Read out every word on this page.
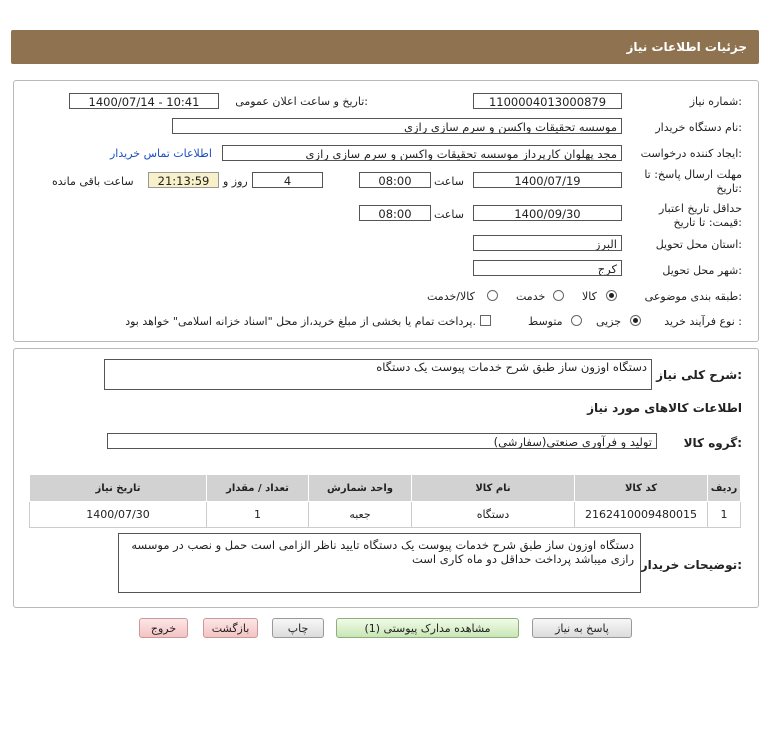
جزئیات اطلاعات نیاز
شماره نیاز:
1100004013000879
تاریخ و ساعت اعلان عمومی:
1400/07/14 - 10:41
نام دستگاه خریدار:
موسسه تحقیقات واکسن و سرم سازی رازی
ایجاد کننده درخواست:
مجد پهلوان کارپرداز موسسه تحقیقات واکسن و سرم سازی رازی
اطلاعات تماس خریدار
مهلت ارسال پاسخ: تا
تاریخ:
1400/07/19
ساعت
08:00
4
روز و
21:13:59
ساعت باقی مانده
حداقل تاریخ اعتبار
قیمت: تا تاریخ:
1400/09/30
ساعت
08:00
استان محل تحویل:
البرز
شهر محل تحویل:
کرج
طبقه بندی موضوعی:
کالا
خدمت
کالا/خدمت
نوع فرآیند خرید :
جزیی
متوسط
پرداخت تمام یا بخشی از مبلغ خرید،از محل "اسناد خزانه اسلامی" خواهد بود.
شرح کلی نیاز:
دستگاه اوزون ساز طبق شرح خدمات پیوست یک دستگاه
اطلاعات کالاهای مورد نیاز
گروه کالا:
تولید و فرآوری صنعتی(سفارشی)
ردیف	کد کالا	نام کالا	واحد شمارش	تعداد / مقدار	تاریخ نیاز
1	2162410009480015	دستگاه	جعبه	1	1400/07/30
توضیحات خریدار:
دستگاه اوزون ساز طبق شرح خدمات پیوست یک دستگاه تایید ناظر الزامی است حمل و نصب در موسسه رازی میباشد پرداخت حداقل دو ماه کاری است
پاسخ به نیاز
مشاهده مدارک پیوستی (1)
چاپ
بازگشت
خروج
